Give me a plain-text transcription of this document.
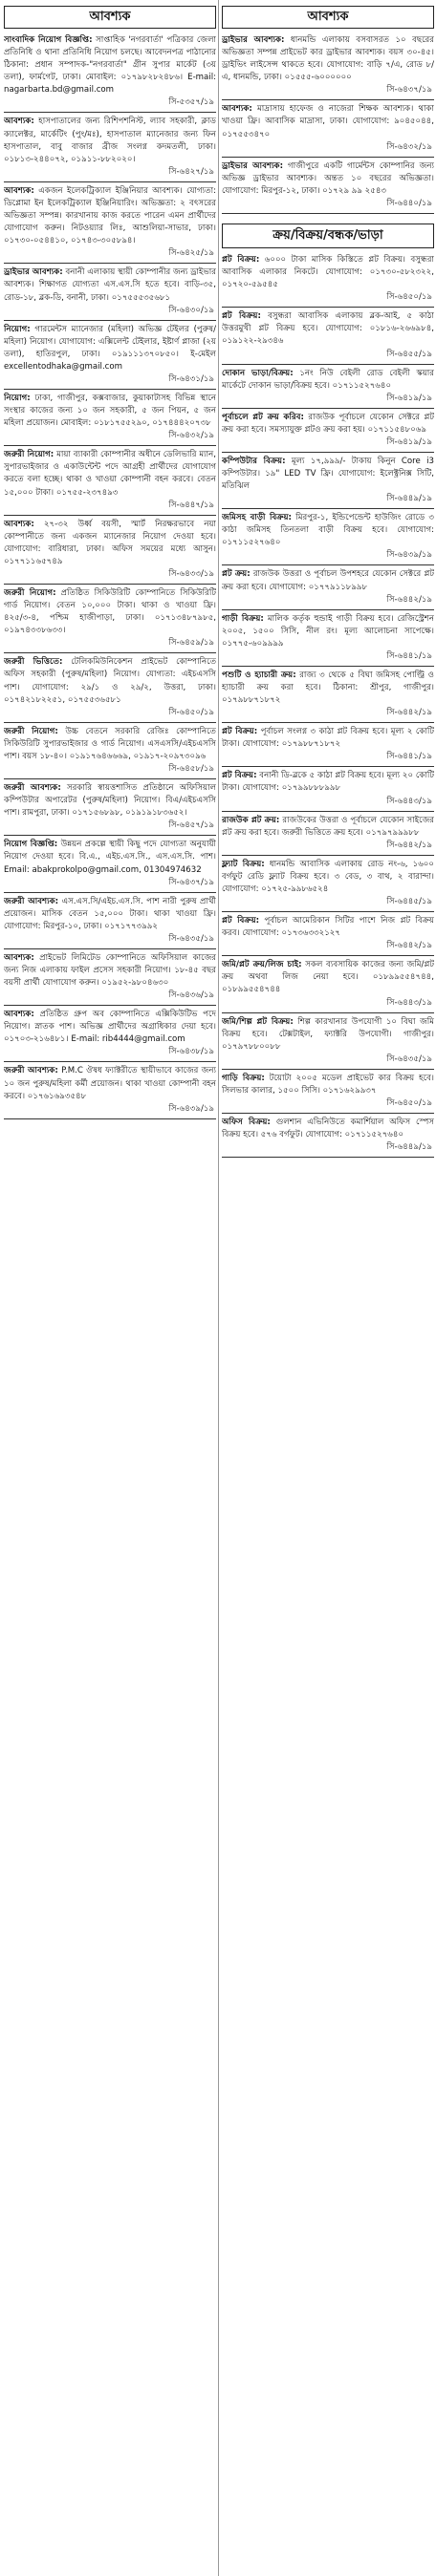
আবশ্যক

সাংবাদিক নিয়োগ বিজ্ঞপ্তি: সাপ্তাহিক 'নগরবার্তা' পত্রিকার জেলা প্রতিনিধি ও থানা প্রতিনিধি নিয়োগ চলছে। আবেদনপত্র পাঠানোর ঠিকানা: প্রধান সম্পাদক-"নগরবার্তা" গ্রীন সুপার মার্কেট (৩য় তলা), ফার্মগেট, ঢাকা। মোবাইল: ০১৭৯৮২৮২৪৮৬। E-mail: nagarbarta.bd@gmail.com

সি-৫৩৫৭/১৯

আবশ্যক: হাসপাতালের জন্য রিশিপশনিস্ট, ল্যাব সহকারী, ক্লাড ক্যালেক্টর, মার্কেটিং (পুং/মঃ), হাসপাতাল ম্যানেজার জন্য ফিন হাসপাতাল, বাবু বাজার ব্রীজ সংলগ্ন কদমতলী, ঢাকা। ০১৮১৩-২৪৪০৭২, ০১৯১১-৮৮২০২০।

সি-৬৪২৭/১৯

আবশ্যক: একজন ইলেকট্রিক্যাল ইঞ্জিনিয়ার আবশ্যক। যোগ্যতা: ডিপ্লোমা ইন ইলেকট্রিক্যাল ইঞ্জিনিয়ারিং। অভিজ্ঞতা: ২ বৎসরের অভিজ্ঞতা সম্পন্ন। কারখানায় কাজ করতে পারেন এমন প্রার্থীদের যোগাযোগ করুন। নিটওয়্যার লিঃ, আশুলিয়া-সাভার, ঢাকা। ০১৭৩০-০৫৪৪১০, ০১৭৪৩-৩০৫৮৯৪।

সি-৬৪২৫/১৯

ড্রাইভার আবশ্যক: বনানী এলাকায় স্থায়ী কোম্পানীর জন্য ড্রাইভার আবশ্যক। শিক্ষাগত যোগ্যতা এস.এস.সি হতে হবে। বাড়ি-৩৫, রোড-১৮, ব্লক-ডি, বনানী, ঢাকা। ০১৭৫৫৫৩৫৬৮১

সি-৬৪৩০/১৯

নিয়োগ: গারমেন্টস ম্যানেজার (মহিলা) অভিজ্ঞ টেইলর (পুরুষ/মহিলা) নিয়োগ। যোগাযোগ: এক্সিলেন্ট টেইলার, ইষ্টার্ণ প্লাজা (২য় তলা), হাতিরপুল, ঢাকা। ০১৯১১১৩৭০৮৫০। ই-মেইল excellentodhaka@gmail.com

সি-৬৪৩১/১৯

নিয়োগ: ঢাকা, গাজীপুর, কক্সবাজার, কুয়াকাটাসহ বিভিন্ন স্থানে সংস্থার কাজের জন্য ১০ জন সহকারী, ৫ জন পিয়ন, ৫ জন মহিলা প্রয়োজন। মোবাইল: ০১৮১৭৫৫২৯০, ০১৭৪৪৪২০৭৩৮

সি-৬৪৩২/১৯

জরুরী নিয়োগ: মায়া ব্যাকারী কোম্পানীর অধীনে ডেলিভারি ম্যান, সুপারভাইজার ও একাউন্টেন্ট পদে আগ্রহী প্রার্থীদের যোগাযোগ করতে বলা হচ্ছে। থাকা ও খাওয়া কোম্পানী বহন করবে। বেতন ১৫,০০০ টাকা। ০১৭৫৫-২৩৭৪৯৩

সি-৬৪৪৭/১৯

আবশ্যক: ২৭-৩২ উর্ধ্ব বয়সী, স্মার্ট নিরক্ষরভাবে নয়া কোম্পানীতে জন্য একজন ম্যানেজার নিয়োগ দেওয়া হবে। যোগাযোগ: বারিধারা, ঢাকা। অফিস সময়ের মধ্যে আসুন। ০১৭৭১১৬৫৭৪৯

সি-৬৪৩৩/১৯

জরুরী নিয়োগ: প্রতিষ্ঠিত সিকিউরিটি কোম্পানিতে সিকিউরিটি গার্ড নিয়োগ। বেতন ১০,০০০ টাকা। থাকা ও খাওয়া ফ্রি। ৪২৫/৩-৪, পশ্চিম হাজীপাড়া, ঢাকা। ০১৭১৩৪৮৭৯৮৫, ০১৯৭৪৩৩৮৬৩৩।

সি-৬৪৫৯/১৯

জরুরী ভিত্তিতে: টেলিকমিউনিকেশন প্রাইভেট কোম্পানিতে অফিস সহকারী (পুরুষ/মহিলা) নিয়োগ। যোগ্যতা: এইচএসসি পাশ। যোগাযোগ: ২৯/১ ও ২৯/২, উত্তরা, ঢাকা। ০১৭৪২১৮২২৫১, ০১৭৫৫৩৬৫৮১

সি-৬৪৫০/১৯

জরুরী নিয়োগ: উচ্চ বেতনে সরকারি রেজিঃ কোম্পানিতে সিকিউরিটি সুপারভাইজার ও গার্ড নিয়োগ। এসএসসি/এইচএসসি পাশ। বয়স ১৮-৪০। ০১৯১৭৬৪৬৬৬৯, ০১৯১৭-২০৯৭৩০৯৬

সি-৬৪৫৮/১৯

জরুরী আবশ্যক: সরকারি স্বায়ত্তশাসিত প্রতিষ্ঠানে অফিসিয়াল কম্পিউটার অপারেটর (পুরুষ/মহিলা) নিয়োগ। বিএ/এইচএসসি পাশ। রামপুরা, ঢাকা। ০১৭১৫৬৮৯৮, ০১৯১৯১৮৩৬৫২।

সি-৬৪৫৭/১৯

নিয়োগ বিজ্ঞপ্তি: উন্নয়ন প্রকল্পে স্থায়ী কিছু পদে যোগ্যতা অনুযায়ী নিয়োগ দেওয়া হবে। বি.এ., এইচ.এস.সি., এস.এস.সি. পাশ। Email: abakprokolpo@gmail.com, 01304974632

সি-৬৪৩৭/১৯

জরুরী আবশ্যক: এস.এস.সি/এইচ.এস.সি. পাশ নারী পুরুষ প্রার্থী প্রয়োজন। মাসিক বেতন ১৫,০০০ টাকা। থাকা খাওয়া ফ্রি। যোগাযোগ: মিরপুর-১০, ঢাকা। ০১৭১৭৭৩৯৯২

সি-৬৪৩৫/১৯

আবশ্যক: প্রাইভেট লিমিটেড কোম্পানিতে অফিসিয়াল কাজের জন্য নিজ এলাকায় ফাইল প্রসেস সহকারী নিয়োগ। ১৮-৪৫ বছর বয়সী প্রার্থী যোগাযোগ করুন। ০১৯৫২-৯৮০৪৬৩০

সি-৬৪৩৬/১৯

আবশ্যক: প্রতিষ্ঠিত গ্রুপ অব কোম্পানিতে এক্সিকিউটিভ পদে নিয়োগ। স্নাতক পাশ। অভিজ্ঞ প্রার্থীদের অগ্রাধিকার দেয়া হবে। ০১৭০৩-২১৬৪৮১। E-mail: rib4444@gmail.com

সি-৬৪৩৮/১৯

জরুরী আবশ্যক: P.M.C ঔষধ ফ্যাক্টরীতে স্থায়ীভাবে কাজের জন্য ১০ জন পুরুষ/মহিলা কর্মী প্রয়োজন। থাকা খাওয়া কোম্পানী বহন করবে। ০১৭৬১৬৯৩৫৪৮

সি-৬৪৩৯/১৯
আবশ্যক

ড্রাইভার আবশ্যক: ধানমন্ডি এলাকায় বসবাসরত ১০ বছরের অভিজ্ঞতা সম্পন্ন প্রাইভেট কার ড্রাইভার আবশ্যক। বয়স ৩০-৪৫। ড্রাইভিং লাইসেন্স থাকতে হবে। যোগাযোগ: বাড়ি ৭/এ, রোড ৮/এ, ধানমন্ডি, ঢাকা। ০১৫৫৫-৬০০০০০০

সি-৬৪৩৭/১৯

আবশ্যক: মাদ্রাসায় হাফেজ ও নাজেরা শিক্ষক আবশ্যক। থাকা খাওয়া ফ্রি। আবাসিক মাদ্রাসা, ঢাকা। যোগাযোগ: ৯০৪৫০৪৪, ০১৭৫৫৩৪৭০

সি-৬৪৩২/১৯

ড্রাইভার আবশ্যক: গাজীপুরে একটি গার্মেন্টস কোম্পানির জন্য অভিজ্ঞ ড্রাইভার আবশ্যক। অন্তত ১০ বছরের অভিজ্ঞতা। যোগাযোগ: মিরপুর-১২, ঢাকা। ০১৭২৯ ৯৯ ২৫৪৩

সি-৬৪৪০/১৯
ক্রয়/বিক্রয়/বন্ধক/ভাড়া

প্লট বিক্রয়: ৬০০০ টাকা মাসিক কিস্তিতে প্লট বিক্রয়। বসুন্ধরা আবাসিক এলাকার নিকটে। যোগাযোগ: ০১৭৩০-৫৮২৩২২, ০১৭২০-৫৯৫৪৫

সি-৬৪৫০/১৯

প্লট বিক্রয়: বসুন্ধরা আবাসিক এলাকায় ব্লক-আই, ৫ কাঠা উত্তরমুখী প্লট বিক্রয় হবে। যোগাযোগ: ০১৮১৬-২৬৬৯৮৪, ০১৯১২২-২৯৩৪৬

সি-৬৪৫৫/১৯

দোকান ভাড়া/বিক্রয়: ১নং নিউ বেইলী রোড বেইলী স্কয়ার মার্কেটে দোকান ভাড়া/বিক্রয় হবে। ০১৭১১৫২৭৬৪০

সি-৬৪১৯/১৯

পূর্বাচলে প্লট ক্রয় করিব: রাজউক পূর্বাচলে যেকোন সেক্টরে প্লট ক্রয় করা হবে। সমস্যাযুক্ত প্লটও ক্রয় করা হয়। ০১৭১১৫৪৮০৬৯

সি-৬৪১৯/১৯

কম্পিউটার বিক্রয়: মূল্য ১৭,৯৯৯/- টাকায় কিনুন Core i3 কম্পিউটার। ১৯" LED TV ফ্রি। যোগাযোগ: ইলেক্ট্রনিক্স সিটি, মতিঝিল

সি-৬৪৪৯/১৯

জমিসহ বাড়ী বিক্রয়: মিরপুর-১, ইন্ডিপেন্ডেন্ট হাউজিং রোডে ৩ কাঠা জমিসহ তিনতলা বাড়ী বিক্রয় হবে। যোগাযোগ: ০১৭১১৫২৭৬৪০

সি-৬৪৩৯/১৯

প্লট ক্রয়: রাজউক উত্তরা ও পূর্বাচল উপশহরে যেকোন সেক্টরে প্লট ক্রয় করা হবে। যোগাযোগ: ০১৭৭৯১১৮৯৯৮

সি-৬৪৪২/১৯

গাড়ী বিক্রয়: মালিক কর্তৃক হুন্ডাই গাড়ী বিক্রয় হবে। রেজিস্ট্রেশন ২০০৫, ১৫০০ সিসি, নীল রং। মূল্য আলোচনা সাপেক্ষে। ০১৭৭৫-৬০৯৯৯৯

সি-৬৪৪১/১৯

পশুটি ও হ্যাচারী ক্রয়: রাজ্য ৩ থেকে ৫ বিঘা জমিসহ পোল্ট্রি ও হ্যাচারী ক্রয় করা হবে। ঠিকানা: শ্রীপুর, গাজীপুর। ০১৭৯৮৮৭১৮৭২

সি-৬৪৪২/১৯

প্লট বিক্রয়: পূর্বাচল সংলগ্ন ৩ কাঠা প্লট বিক্রয় হবে। মূল্য ২ কোটি টাকা। যোগাযোগ: ০১৭৯৮৮৭১৮৭২

সি-৬৪৪১/১৯

প্লট বিক্রয়: বনানী ডি-ব্লকে ৫ কাঠা প্লট বিক্রয় হবে। মূল্য ২০ কোটি টাকা। যোগাযোগ: ০১৭৯৯৮৮৮৯৯৮

সি-৬৪৪৩/১৯

রাজউক প্লট ক্রয়: রাজউকের উত্তরা ও পূর্বাচলে যেকোন সাইজের প্লট ক্রয় করা হবে। জরুরী ভিত্তিতে ক্রয় হবে। ০১৭৯৭৯৯৯৮৮

সি-৬৪৪২/১৯

ফ্ল্যাট বিক্রয়: ধানমন্ডি আবাসিক এলাকায় রোড নং-৬, ১৬০০ বর্গফুট রেডি ফ্ল্যাট বিক্রয় হবে। ৩ বেড, ৩ বাথ, ২ বারান্দা। যোগাযোগ: ০১৭২৫-৯৯৮৬৫২৪

সি-৬৪৪৫/১৯

প্লট বিক্রয়: পূর্বাচল আমেরিকান সিটির পাশে নিজ প্লট বিক্রয় করব। যোগাযোগ: ০১৭৩৬৩৩২১২৭

সি-৬৪৪২/১৯

জমি/প্লট ক্রয়/লিজ চাই: সকল ব্যবসায়িক কাজের জন্য জমি/প্লট ক্রয় অথবা লিজ নেয়া হবে। ০১৮৯৯৫৫৪৭৪৪, ০১৮৯৯৫৫৪৭৪৪

সি-৬৪৪৩/১৯

জমি/শিল্প প্লট বিক্রয়: শিল্প কারখানার উপযোগী ১০ বিঘা জমি বিক্রয় হবে। টেক্সটাইল, ফ্যাক্টরি উপযোগী। গাজীপুর। ০১৭৯৭৮৮০০৮৮

সি-৬৪৩৫/১৯

গাড়ি বিক্রয়: টয়োটা ২০০৫ মডেল প্রাইভেট কার বিক্রয় হবে। সিলভার কালার, ১৫০০ সিসি। ০১৭১৬২৯৯৩৭

সি-৬৪৫০/১৯

অফিস বিক্রয়: গুলশান এভিনিউতে কমার্শিয়াল অফিস স্পেস বিক্রয় হবে। ৫৭৬ বর্গফুট। যোগাযোগ: ০১৭১১৫২৭৬৪০

সি-৬৪৪৯/১৯
